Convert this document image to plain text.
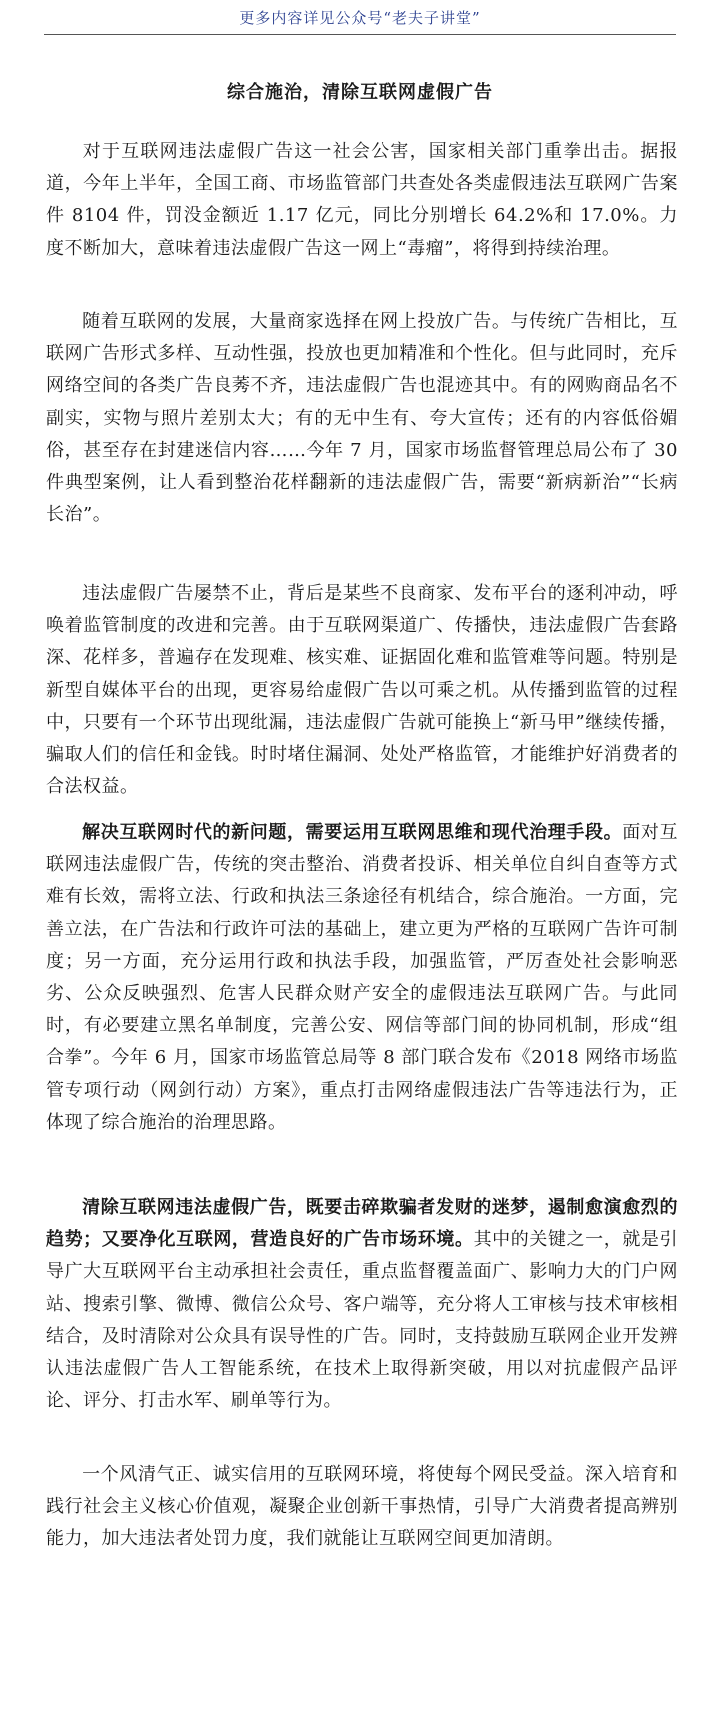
更多内容详见公众号“老夫子讲堂”
综合施治，清除互联网虚假广告

对于互联网违法虚假广告这一社会公害，国家相关部门重拳出击。据报道，今年上半年，全国工商、市场监管部门共查处各类虚假违法互联网广告案件 8104 件，罚没金额近 1.17 亿元，同比分别增长 64.2%和 17.0%。力度不断加大，意味着违法虚假广告这一网上“毒瘤”，将得到持续治理。

随着互联网的发展，大量商家选择在网上投放广告。与传统广告相比，互联网广告形式多样、互动性强，投放也更加精准和个性化。但与此同时，充斥网络空间的各类广告良莠不齐，违法虚假广告也混迹其中。有的网购商品名不副实，实物与照片差别太大；有的无中生有、夸大宣传；还有的内容低俗媚俗，甚至存在封建迷信内容……今年 7 月，国家市场监督管理总局公布了 30 件典型案例，让人看到整治花样翻新的违法虚假广告，需要“新病新治”“长病长治”。

违法虚假广告屡禁不止，背后是某些不良商家、发布平台的逐利冲动，呼唤着监管制度的改进和完善。由于互联网渠道广、传播快，违法虚假广告套路深、花样多，普遍存在发现难、核实难、证据固化难和监管难等问题。特别是新型自媒体平台的出现，更容易给虚假广告以可乘之机。从传播到监管的过程中，只要有一个环节出现纰漏，违法虚假广告就可能换上“新马甲”继续传播，骗取人们的信任和金钱。时时堵住漏洞、处处严格监管，才能维护好消费者的合法权益。

解决互联网时代的新问题，需要运用互联网思维和现代治理手段。面对互联网违法虚假广告，传统的突击整治、消费者投诉、相关单位自纠自查等方式难有长效，需将立法、行政和执法三条途径有机结合，综合施治。一方面，完善立法，在广告法和行政许可法的基础上，建立更为严格的互联网广告许可制度；另一方面，充分运用行政和执法手段，加强监管，严厉查处社会影响恶劣、公众反映强烈、危害人民群众财产安全的虚假违法互联网广告。与此同时，有必要建立黑名单制度，完善公安、网信等部门间的协同机制，形成“组合拳”。今年 6 月，国家市场监管总局等 8 部门联合发布《2018 网络市场监管专项行动（网剑行动）方案》，重点打击网络虚假违法广告等违法行为，正体现了综合施治的治理思路。

清除互联网违法虚假广告，既要击碎欺骗者发财的迷梦，遏制愈演愈烈的趋势；又要净化互联网，营造良好的广告市场环境。其中的关键之一，就是引导广大互联网平台主动承担社会责任，重点监督覆盖面广、影响力大的门户网站、搜索引擎、微博、微信公众号、客户端等，充分将人工审核与技术审核相结合，及时清除对公众具有误导性的广告。同时，支持鼓励互联网企业开发辨认违法虚假广告人工智能系统，在技术上取得新突破，用以对抗虚假产品评论、评分、打击水军、刷单等行为。

一个风清气正、诚实信用的互联网环境，将使每个网民受益。深入培育和践行社会主义核心价值观，凝聚企业创新干事热情，引导广大消费者提高辨别能力，加大违法者处罚力度，我们就能让互联网空间更加清朗。
